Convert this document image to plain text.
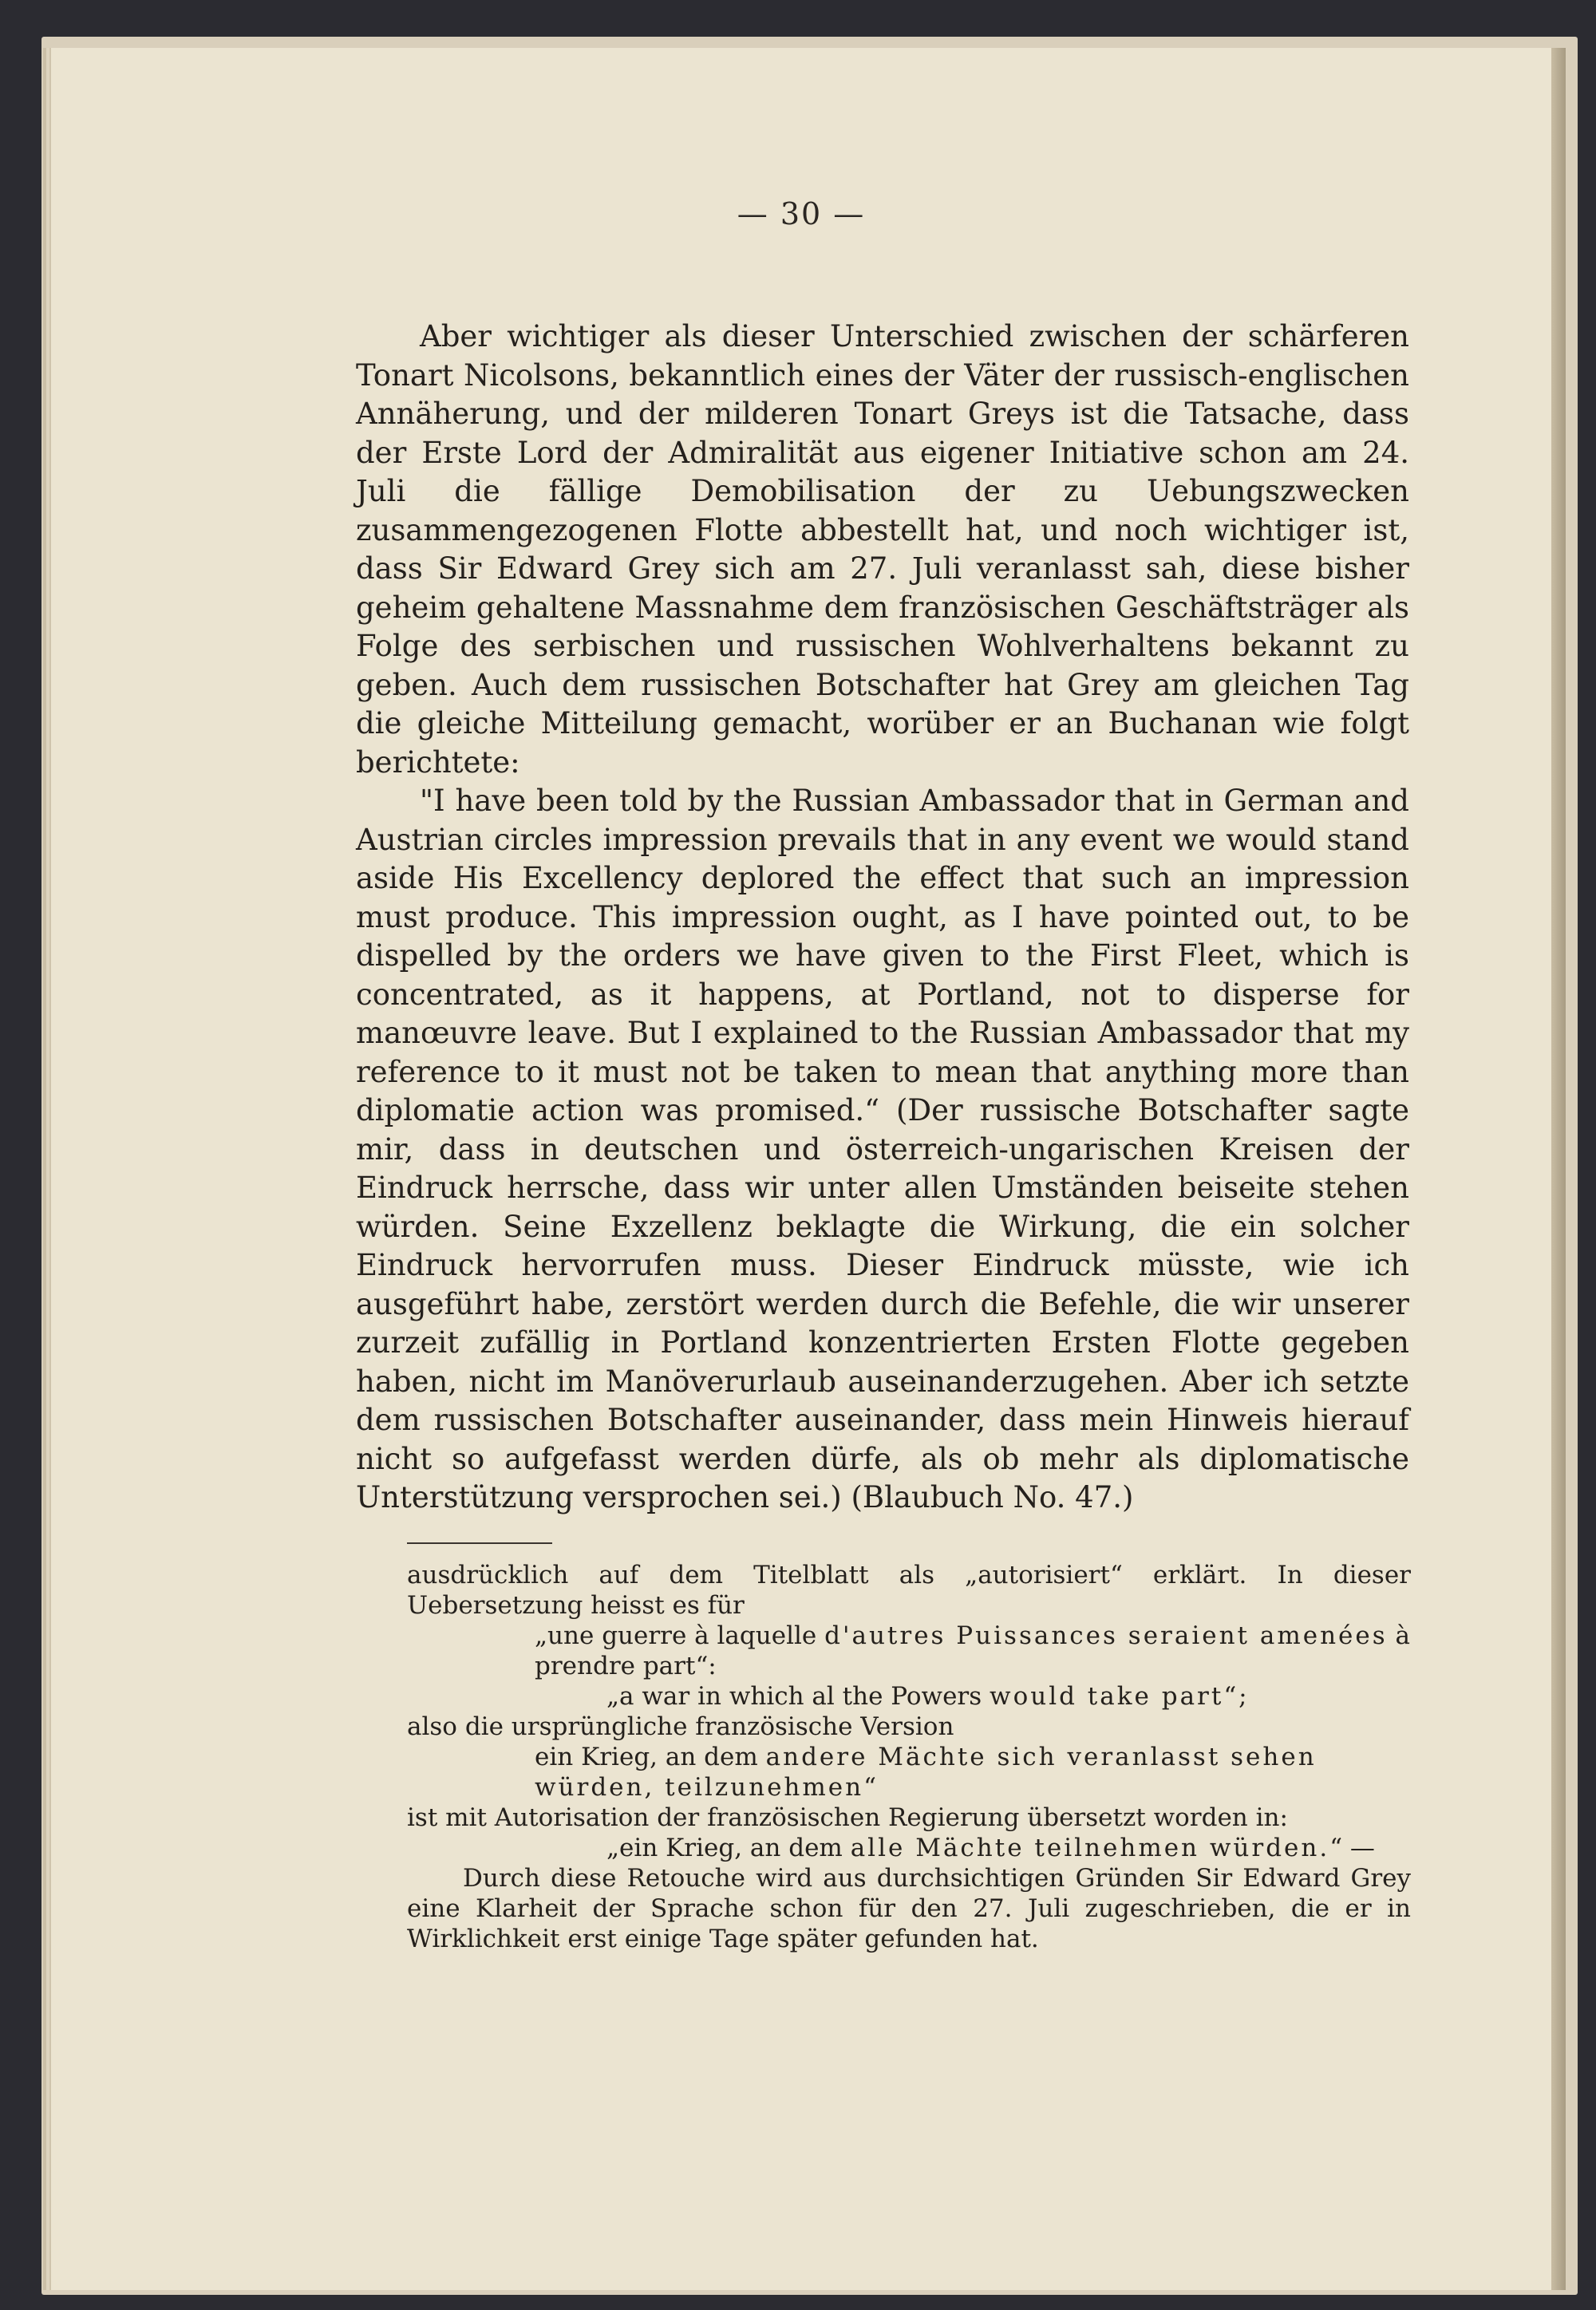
— 30 —

Aber wichtiger als dieser Unterschied zwischen der schärferen Tonart Nicolsons, bekanntlich eines der Väter der russisch-englischen Annäherung, und der milderen Tonart Greys ist die Tatsache, dass der Erste Lord der Admiralität aus eigener Initiative schon am 24. Juli die fällige Demobilisation der zu Uebungszwecken zusammengezogenen Flotte abbestellt hat, und noch wichtiger ist, dass Sir Edward Grey sich am 27. Juli veranlasst sah, diese bisher geheim gehaltene Massnahme dem französischen Geschäftsträger als Folge des serbischen und russischen Wohlverhaltens bekannt zu geben. Auch dem russischen Botschafter hat Grey am gleichen Tag die gleiche Mitteilung gemacht, worüber er an Buchanan wie folgt berichtete:

"I have been told by the Russian Ambassador that in German and Austrian circles impression prevails that in any event we would stand aside His Excellency deplored the effect that such an impression must produce. This impression ought, as I have pointed out, to be dispelled by the orders we have given to the First Fleet, which is concentrated, as it happens, at Portland, not to disperse for manœuvre leave. But I explained to the Russian Ambassador that my reference to it must not be taken to mean that anything more than diplomatie action was promised.“ (Der russische Botschafter sagte mir, dass in deutschen und österreich-ungarischen Kreisen der Eindruck herrsche, dass wir unter allen Umständen beiseite stehen würden. Seine Exzellenz beklagte die Wirkung, die ein solcher Eindruck hervorrufen muss. Dieser Eindruck müsste, wie ich ausgeführt habe, zerstört werden durch die Befehle, die wir unserer zurzeit zufällig in Portland konzentrierten Ersten Flotte gegeben haben, nicht im Manöverurlaub auseinanderzugehen. Aber ich setzte dem russischen Botschafter auseinander, dass mein Hinweis hierauf nicht so aufgefasst werden dürfe, als ob mehr als diplomatische Unterstützung versprochen sei.) (Blaubuch No. 47.)

ausdrücklich auf dem Titelblatt als „autorisiert“ erklärt. In dieser Uebersetzung heisst es für

„une guerre à laquelle d'autres Puissances seraient amenées à prendre part“:

„a war in which al the Powers would take part“;

also die ursprüngliche französische Version

ein Krieg, an dem andere Mächte sich veranlasst sehen würden, teilzunehmen“

ist mit Autorisation der französischen Regierung übersetzt worden in:

„ein Krieg, an dem alle Mächte teilnehmen würden.“ —

Durch diese Retouche wird aus durchsichtigen Gründen Sir Edward Grey eine Klarheit der Sprache schon für den 27. Juli zugeschrieben, die er in Wirklichkeit erst einige Tage später gefunden hat.
